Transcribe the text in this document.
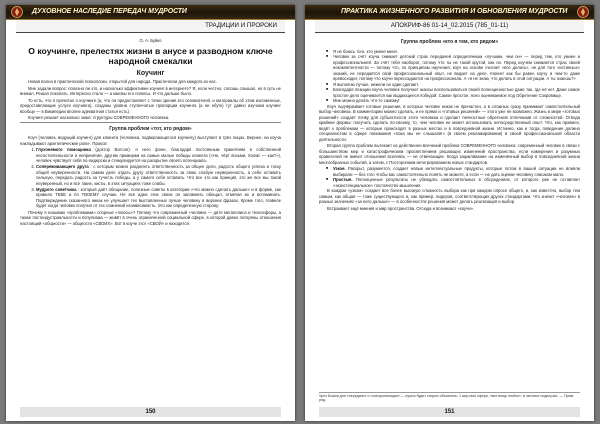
ДУХОВНОЕ НАСЛЕДИЕ ПЕРЕДАЧ МУДРОСТИ
ТРАДИЦИИ И ПРОРОКИ
О. А. Буйко
О коучинге, прелестях жизни в анусе и разводном ключе народной смекалки
Коучинг

Новая волна в практической психологии, открытой для народа. Практически для каждого из нас.

Мне задали вопрос: полезно ли это, и насколько эффективен коучинг в интернете? Я, если честно, сплошь слышал, но в суть не вникал. Решил покопать. Интересно стало — а каковы его полюсы. И что дальше было.

То есть, что я прочитал о коучинге (а, что он предоставляет с точки зрения его основателей, и материалы об этом изложенные, предоставляющие услуги коучинга), созданы уровни ступенчатые пропорции коучинга (а ни ебутк) тут давно изучаем коучинг вообще — в Википедии вполне адекватная статья есть).

Коучинг решает насколько знаю: структуры СОВРЕМЕННОГО человека.

Группа проблем «тот, кто рядом»

Коуч (человек, ведущий коучинг) для клиента (человека, подвергающегося коучингу) выступает в трёх лицах. Вернее, на коуча накладывают архетипические роли-. Прокси:

1. Глухонемого помощника (доктор Ватсон): я него фоне, благодаря постоянным принятиям в собственной несостоятельности и непринятия, другим примерам на самые малые победы клиента («Не, чёрт возьми, Холмс — как?»), человек чувствует себя по-лидерски и стимулируется на раскрытие своего потенциала.
2. Сопереживающего друга : с которым можно разделить ответственность за общее дело, радость общего успеха и тоску общей неуверенности. На самом деле отдать другу ответственность за свою слабую неуверенность, а себе оставить сильную, передать радость за тучесть победы, а у самого себя оставить. Что все это как принцип, это же все мы такой неуверенный, но и все такие, кисты, в этих ситуациях тоже слабы.
3. Мудрого советчика : который даёт обещание, полезные советы в категории «что можно сделать дальше» и в форме, как правило ТЕБЕ и по ТВОЕМУ случаю. Не все идеи этих своих он запомнить обещал, отмечая их и вспоминать. Подтверждение сказанного никак не улучшает тех выставленных лучше человеку в верхних фразах. Кроме того, главное будет когда человек получил от тех сомнений независимость. Это как определенную сторону.

Почему я называю «проблемами» спорные «плюсы»? Потому что современный «человек — дитя мегаполиса и техносферы, а также постиндустриальности и популизма — живёт в очень ограниченной социальной сфере, в которой давно потеряны отношения настоящий «общности» — общности «СВОИХ». Вот в коуче этот «СВОЙ» и находится.

150
ПРАКТИКА ЖИЗНЕННОГО РАЗВИТИЯ И ОБНОВЛЕНИЯ МУДРОСТИ
АПОКРИФ-86 01-14_02.2015 (785_01-11)
Группа проблем «кто я тем, кто рядом»
■ Я не боюсь того, кто умнее меня.
■ Человек за счёт коуча снимает детский страх передачей определённым «лучшим, чем он» — перед тем, кто умнее и профессиональней. За счёт тебя наоборот, потому что ты не такой крутой, как он. Перед коучем снимается страх своей некомпетентности — потому что, по принципам научения, коуч на основе считает «все делать», не для того «истинных» знаний, не передаётся свой профессиональный опыт, не ведает на деле. Клиент как бы равен коучу и чем-то даже превосходит, потому что коучи пересоздаются на профессионала. А «я не знаю, что делать в этой ситуации. А ты знаешь?»
■ Я выполню лучше, нежели он один сделает.
■ Благодаря позиции коуча человек получает шансы воспользоваться своей полноценностью даже так, где её нет. Даже самое простое дело оценивается как выдающееся победой. Самое простое, ясно оцениваемое под Обретение Сокровище.
■ Мне можно делать что-то самому!

Коуч подчёркивает готовые решения, в которых человек никак не причастен, а в сложных сразу принимает самостоятельный выбор человека. В комментарии можно сделать, и ее прямо и «готовых решений» — этого уже не возможно. Жизнь в мире «готовых решений» создаёт почву для субъектности этого человека и сделает личностные обретения отличными от сложностей. Отвода крайние формы: получить сделать по-своему, то, чем человек не может использовать непосредственный опыт: Что, как правило, ведёт к проблемам — которые происходят в разных местах и в повседневной жизни. Истинно, как и тогда, поведение должно специалистам в сфере понимания «пока мы не слышали!» (в своем рекламировании) в своей профессиональной области деятельности.

Вторая группа проблем вытекает из действенно-влечений проблем СОВРЕМЕННОГО человека: современный человек в связи с большинством мер и катастрофическим просветлением решающих изменений пространства, если намерения и разумных правителей не имеют отношения вселяясь — не отвечающие. Когда зацикливание на изменённый выбор в повседневной жизни многообразных событий, а затем, с Посторонним интегрированием новых стандартов.

■ Узкое. Раскрыт, разумеется, создает новые интеллектуальные продукты, которые потом в вашей ситуации не влияли выбирали — без того чтобы вас самостоятельно понять не можете, а если — не дать оценки человеку слишком мало.
■ Простые. Полноценные результаты не убеждать самостоятельных в обсуждениях, от которого уже не оставляет «экзистенциальное» постоянство мышления.

В каждом «узком» создает всё более высокую сложность выбора как при каждом опросе общего, и, как известно, выбор тем самым, как общая — тоже существующего и, как пример, лидеров, соответствующих других стандартами. Что значит «человек» в разных значениях «за него дальше» — в особенностях решения может делать реализация и выбор.

Встраивает ещё мнения и мир пространства. Отсюда и возникают «коучи».

Чрез Божия для «передачи» и «синхронизации» — нужно будет спорно объяснить: 1 мир моя сфера, «все вещь любое», в частных подкоучах. — Прим. ред.
151
